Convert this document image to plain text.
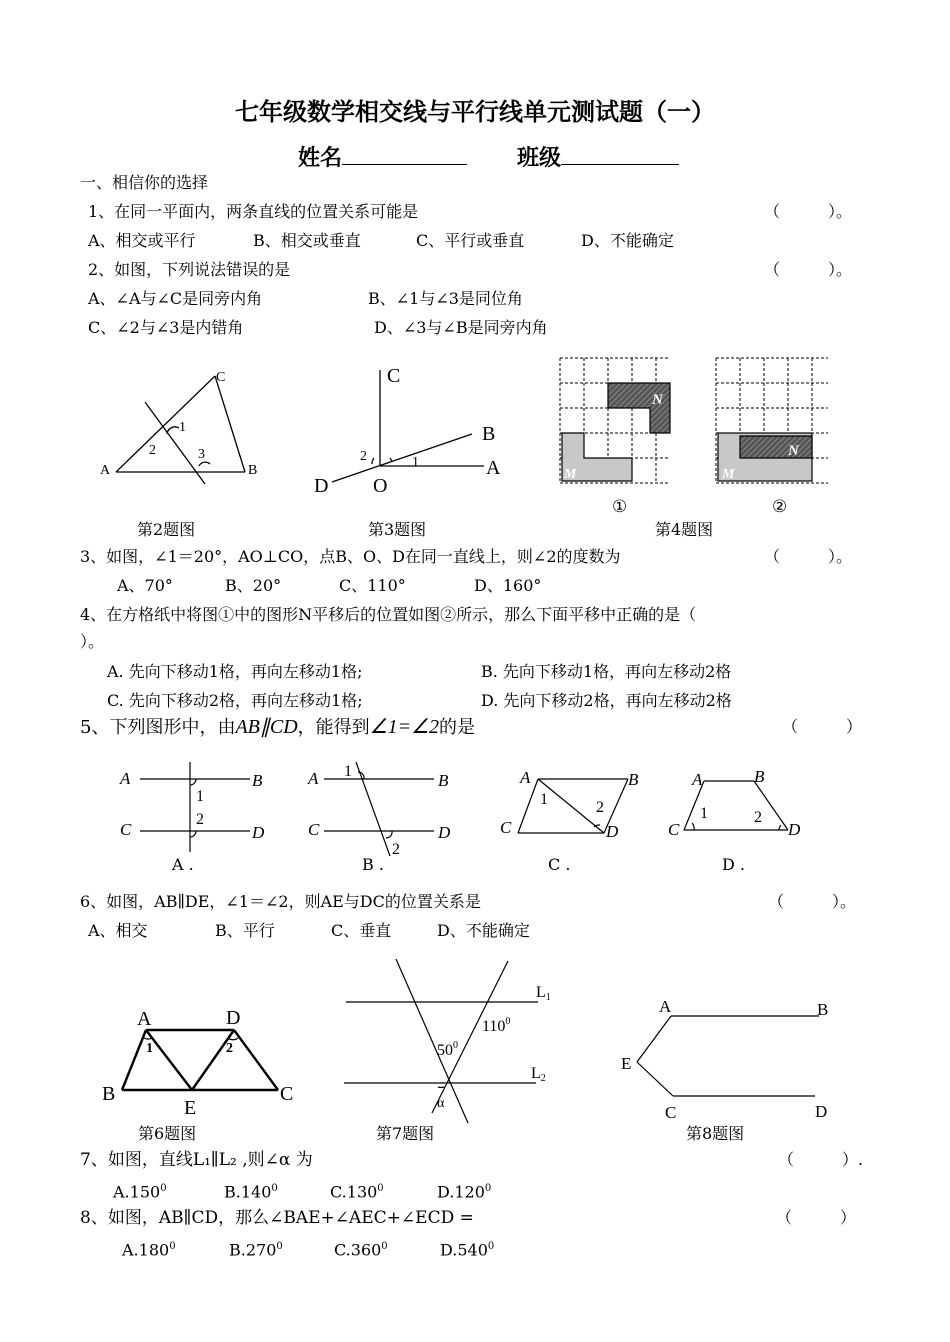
七年级数学相交线与平行线单元测试题（一）
姓名	班级
一、相信你的选择
1、在同一平面内，两条直线的位置关系可能是	（　　　）。
A、相交或平行	B、相交或垂直	C、平行或垂直	D、不能确定
2、如图，下列说法错误的是	（　　　）。
A、∠A与∠C是同旁内角	B、∠1与∠3是同位角
C、∠2与∠3是内错角	D、∠3与∠B是同旁内角
A	B
C
1
2	3
C
B
A
D O
1
2
N
M
①
N
M
②
第2题图	第3题图	第4题图
3、如图，∠1＝20°，AO⊥CO，点B、O、D在同一直线上，则∠2的度数为	（　　　）。
A、70°	B、20°	C、110°	D、160°
4、在方格纸中将图①中的图形N平移后的位置如图②所示，那么下面平移中正确的是（
）。
A. 先向下移动1格，再向左移动1格;	B. 先向下移动1格，再向左移动2格
C. 先向下移动2格，再向左移动1格;	D. 先向下移动2格，再向左移动2格
5、下列图形中，由AB∥CD，能得到∠1=∠2的是	（　　　）
A	B
C	D
1
2
A .
A	B
C	D
1
2
B .
A	B
C	D
1	2
C .
A	B
C	D
1	2
D .
6、如图，AB∥DE，∠1＝∠2，则AE与DC的位置关系是	（　　　）。
A、相交	B、平行	C、垂直	D、不能确定
A	D
B
E
C
1	2
L1
L2
$110^0$
$50^0$
α
A	B
E
C	D
第6题图	第7题图	第8题图
7、如图，直线L₁∥L₂ ,则∠α 为	（　　　）.
A.150$^0$	B.140$^0$	C.130$^0$	D.120$^0$
8、如图，AB∥CD，那么∠BAE+∠AEC+∠ECD =	（　　　）
A.180$^0$	B.270$^0$	C.360$^0$	D.540$^0$
